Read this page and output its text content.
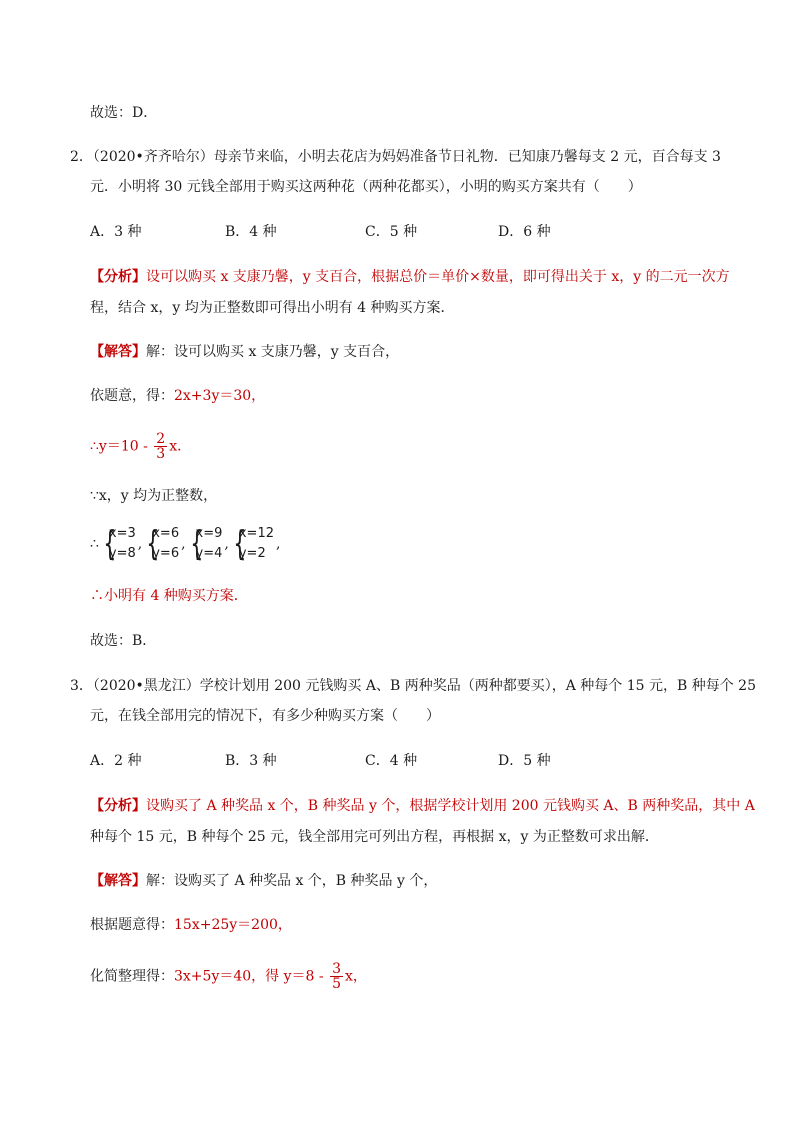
故选：D．
2．（2020•齐齐哈尔）母亲节来临，小明去花店为妈妈准备节日礼物．已知康乃馨每支 2 元，百合每支 3
元．小明将 30 元钱全部用于购买这两种花（两种花都买），小明的购买方案共有（　　）
A．3 种	B．4 种	C．5 种	D．6 种
【分析】设可以购买 x 支康乃馨，y 支百合，根据总价＝单价×数量，即可得出关于 x，y 的二元一次方
程，结合 x，y 均为正整数即可得出小明有 4 种购买方案．
【解答】解：设可以购买 x 支康乃馨，y 支百合，
依题意，得：2x+3y＝30，
∴y＝10 - $\frac{2}{3}$ x．
∵x，y 均为正整数，
∴ {
x=3
y=8
, {
x=6
y=6
, {
x=9
y=4
, {
x=12
y=2
,
∴小明有 4 种购买方案．
故选：B．
3．（2020•黑龙江）学校计划用 200 元钱购买 A、B 两种奖品（两种都要买），A 种每个 15 元，B 种每个 25
元，在钱全部用完的情况下，有多少种购买方案（　　）
A．2 种	B．3 种	C．4 种	D．5 种
【分析】设购买了 A 种奖品 x 个，B 种奖品 y 个，根据学校计划用 200 元钱购买 A、B 两种奖品，其中 A
种每个 15 元，B 种每个 25 元，钱全部用完可列出方程，再根据 x，y 为正整数可求出解．
【解答】解：设购买了 A 种奖品 x 个，B 种奖品 y 个，
根据题意得：15x+25y＝200，
化简整理得：3x+5y＝40，得 $y=8 - \frac{3}{5}$ x，
